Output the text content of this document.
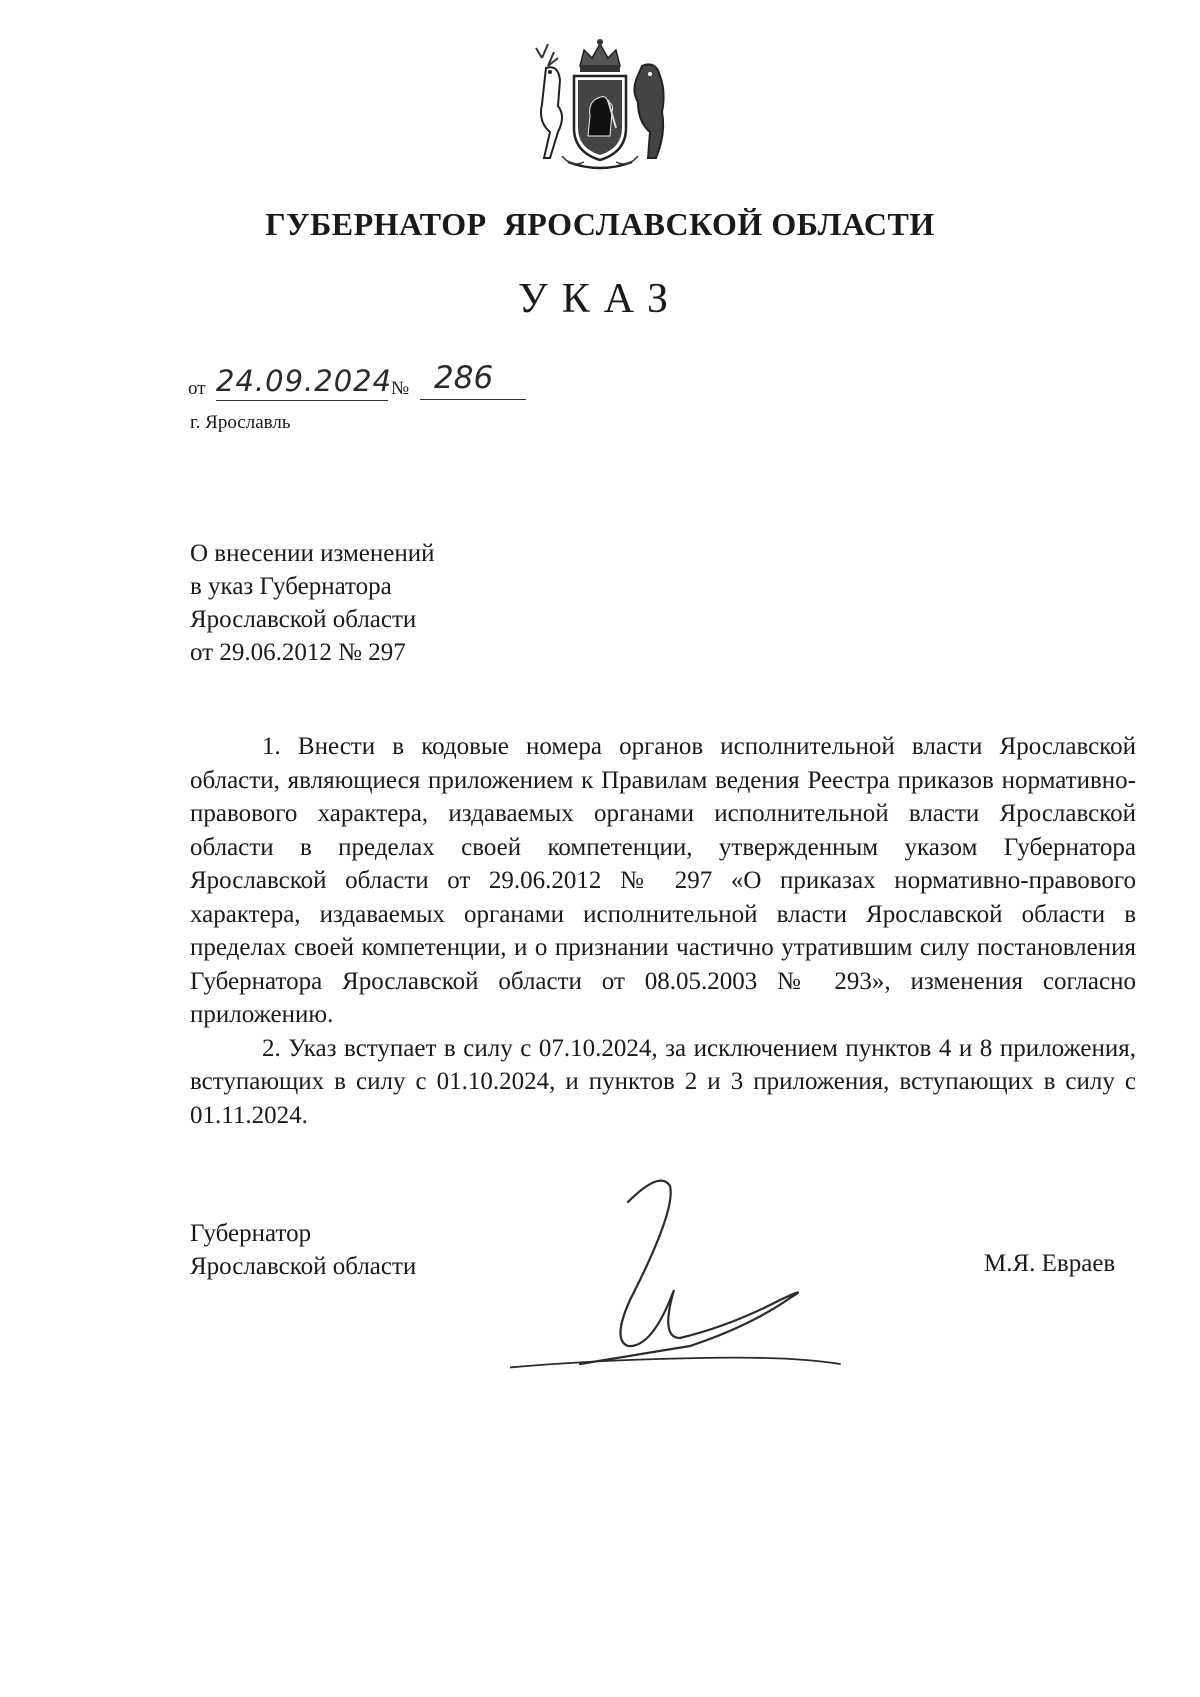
ГУБЕРНАТОР  ЯРОСЛАВСКОЙ ОБЛАСТИ
УКАЗ
от 24.09.2024
№ 286
г. Ярославль
О внесении изменений
в указ Губернатора
Ярославской области
от 29.06.2012 № 297

1. Внести в кодовые номера органов исполнительной власти Ярославской области, являющиеся приложением к Правилам ведения Реестра приказов нормативно-правового характера, издаваемых органами исполнительной власти Ярославской области в пределах своей компетенции, утвержденным указом Губернатора Ярославской области от 29.06.2012 № 297 «О приказах нормативно-правового характера, издаваемых органами исполнительной власти Ярославской области в пределах своей компетенции, и о признании частично утратившим силу постановления Губернатора Ярославской области от 08.05.2003 № 293», изменения согласно приложению.

2. Указ вступает в силу с 07.10.2024, за исключением пунктов 4 и 8 приложения, вступающих в силу с 01.10.2024, и пунктов 2 и 3 приложения, вступающих в силу с 01.11.2024.

Губернатор
Ярославской области	М.Я. Евраев
